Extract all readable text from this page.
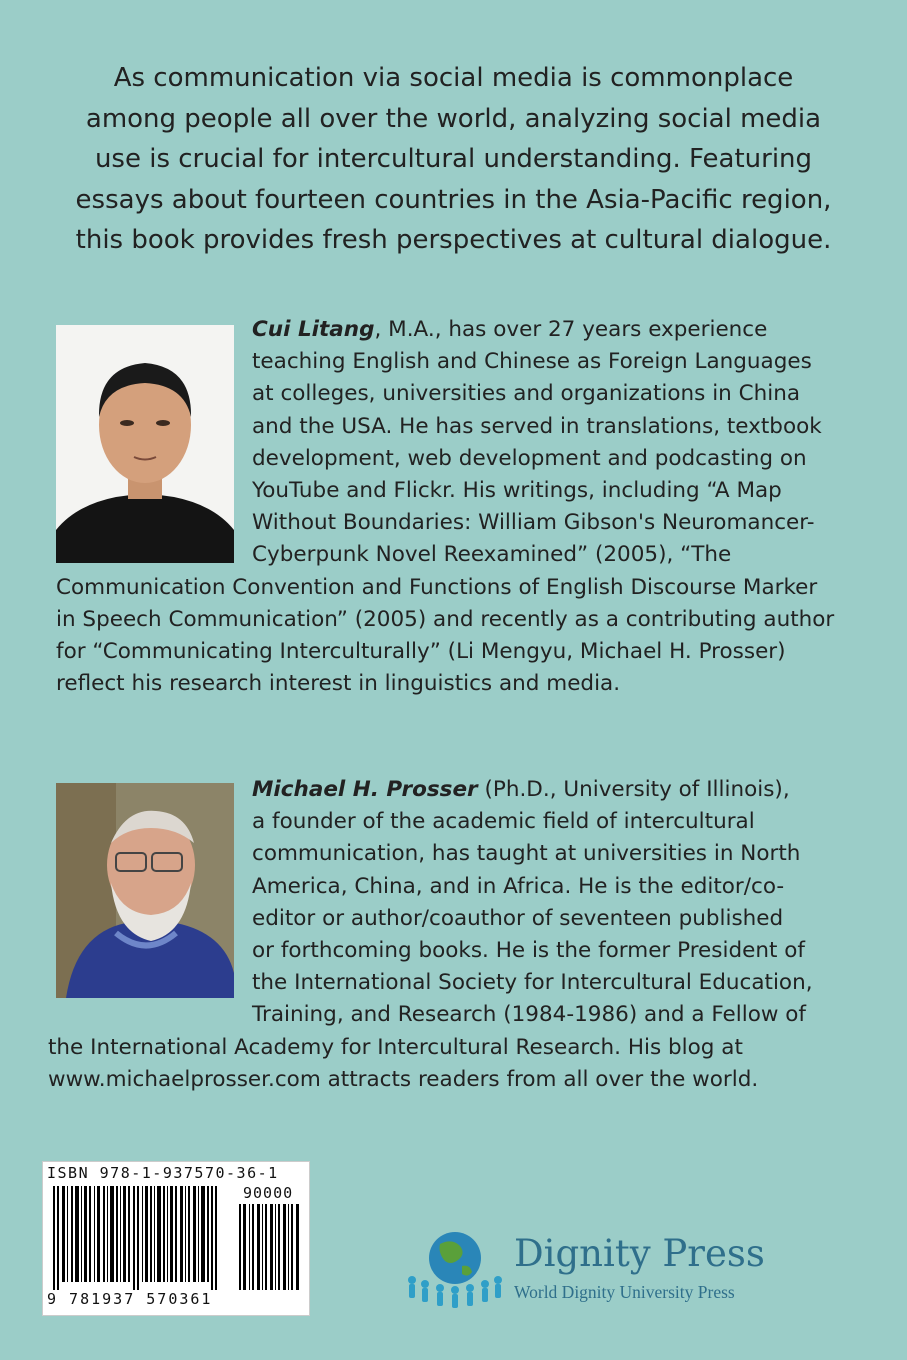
As communication via social media is commonplace
among people all over the world, analyzing social media
use is crucial for intercultural understanding. Featuring
essays about fourteen countries in the Asia-Pacific region,
this book provides fresh perspectives at cultural dialogue.
Cui Litang, M.A., has over 27 years experience
teaching English and Chinese as Foreign Languages
at colleges, universities and organizations in China
and the USA. He has served in translations, textbook
development, web development and podcasting on
YouTube and Flickr. His writings, including “A Map
Without Boundaries: William Gibson's Neuromancer-
Cyberpunk Novel Reexamined” (2005), “The
Communication Convention and Functions of English Discourse Marker
in Speech Communication” (2005) and recently as a contributing author
for “Communicating Interculturally” (Li Mengyu, Michael H. Prosser)
reflect his research interest in linguistics and media.
Michael H. Prosser (Ph.D., University of Illinois),
a founder of the academic field of intercultural
communication, has taught at universities in North
America, China, and in Africa. He is the editor/co-
editor or author/coauthor of seventeen published
or forthcoming books. He is the former President of
the International Society for Intercultural Education,
Training, and Research (1984-1986) and a Fellow of
the International Academy for Intercultural Research. His blog at
www.michaelprosser.com attracts readers from all over the world.
ISBN 978-1-937570-36-1
90000
9 781937 570361
Dignity Press
World Dignity University Press
